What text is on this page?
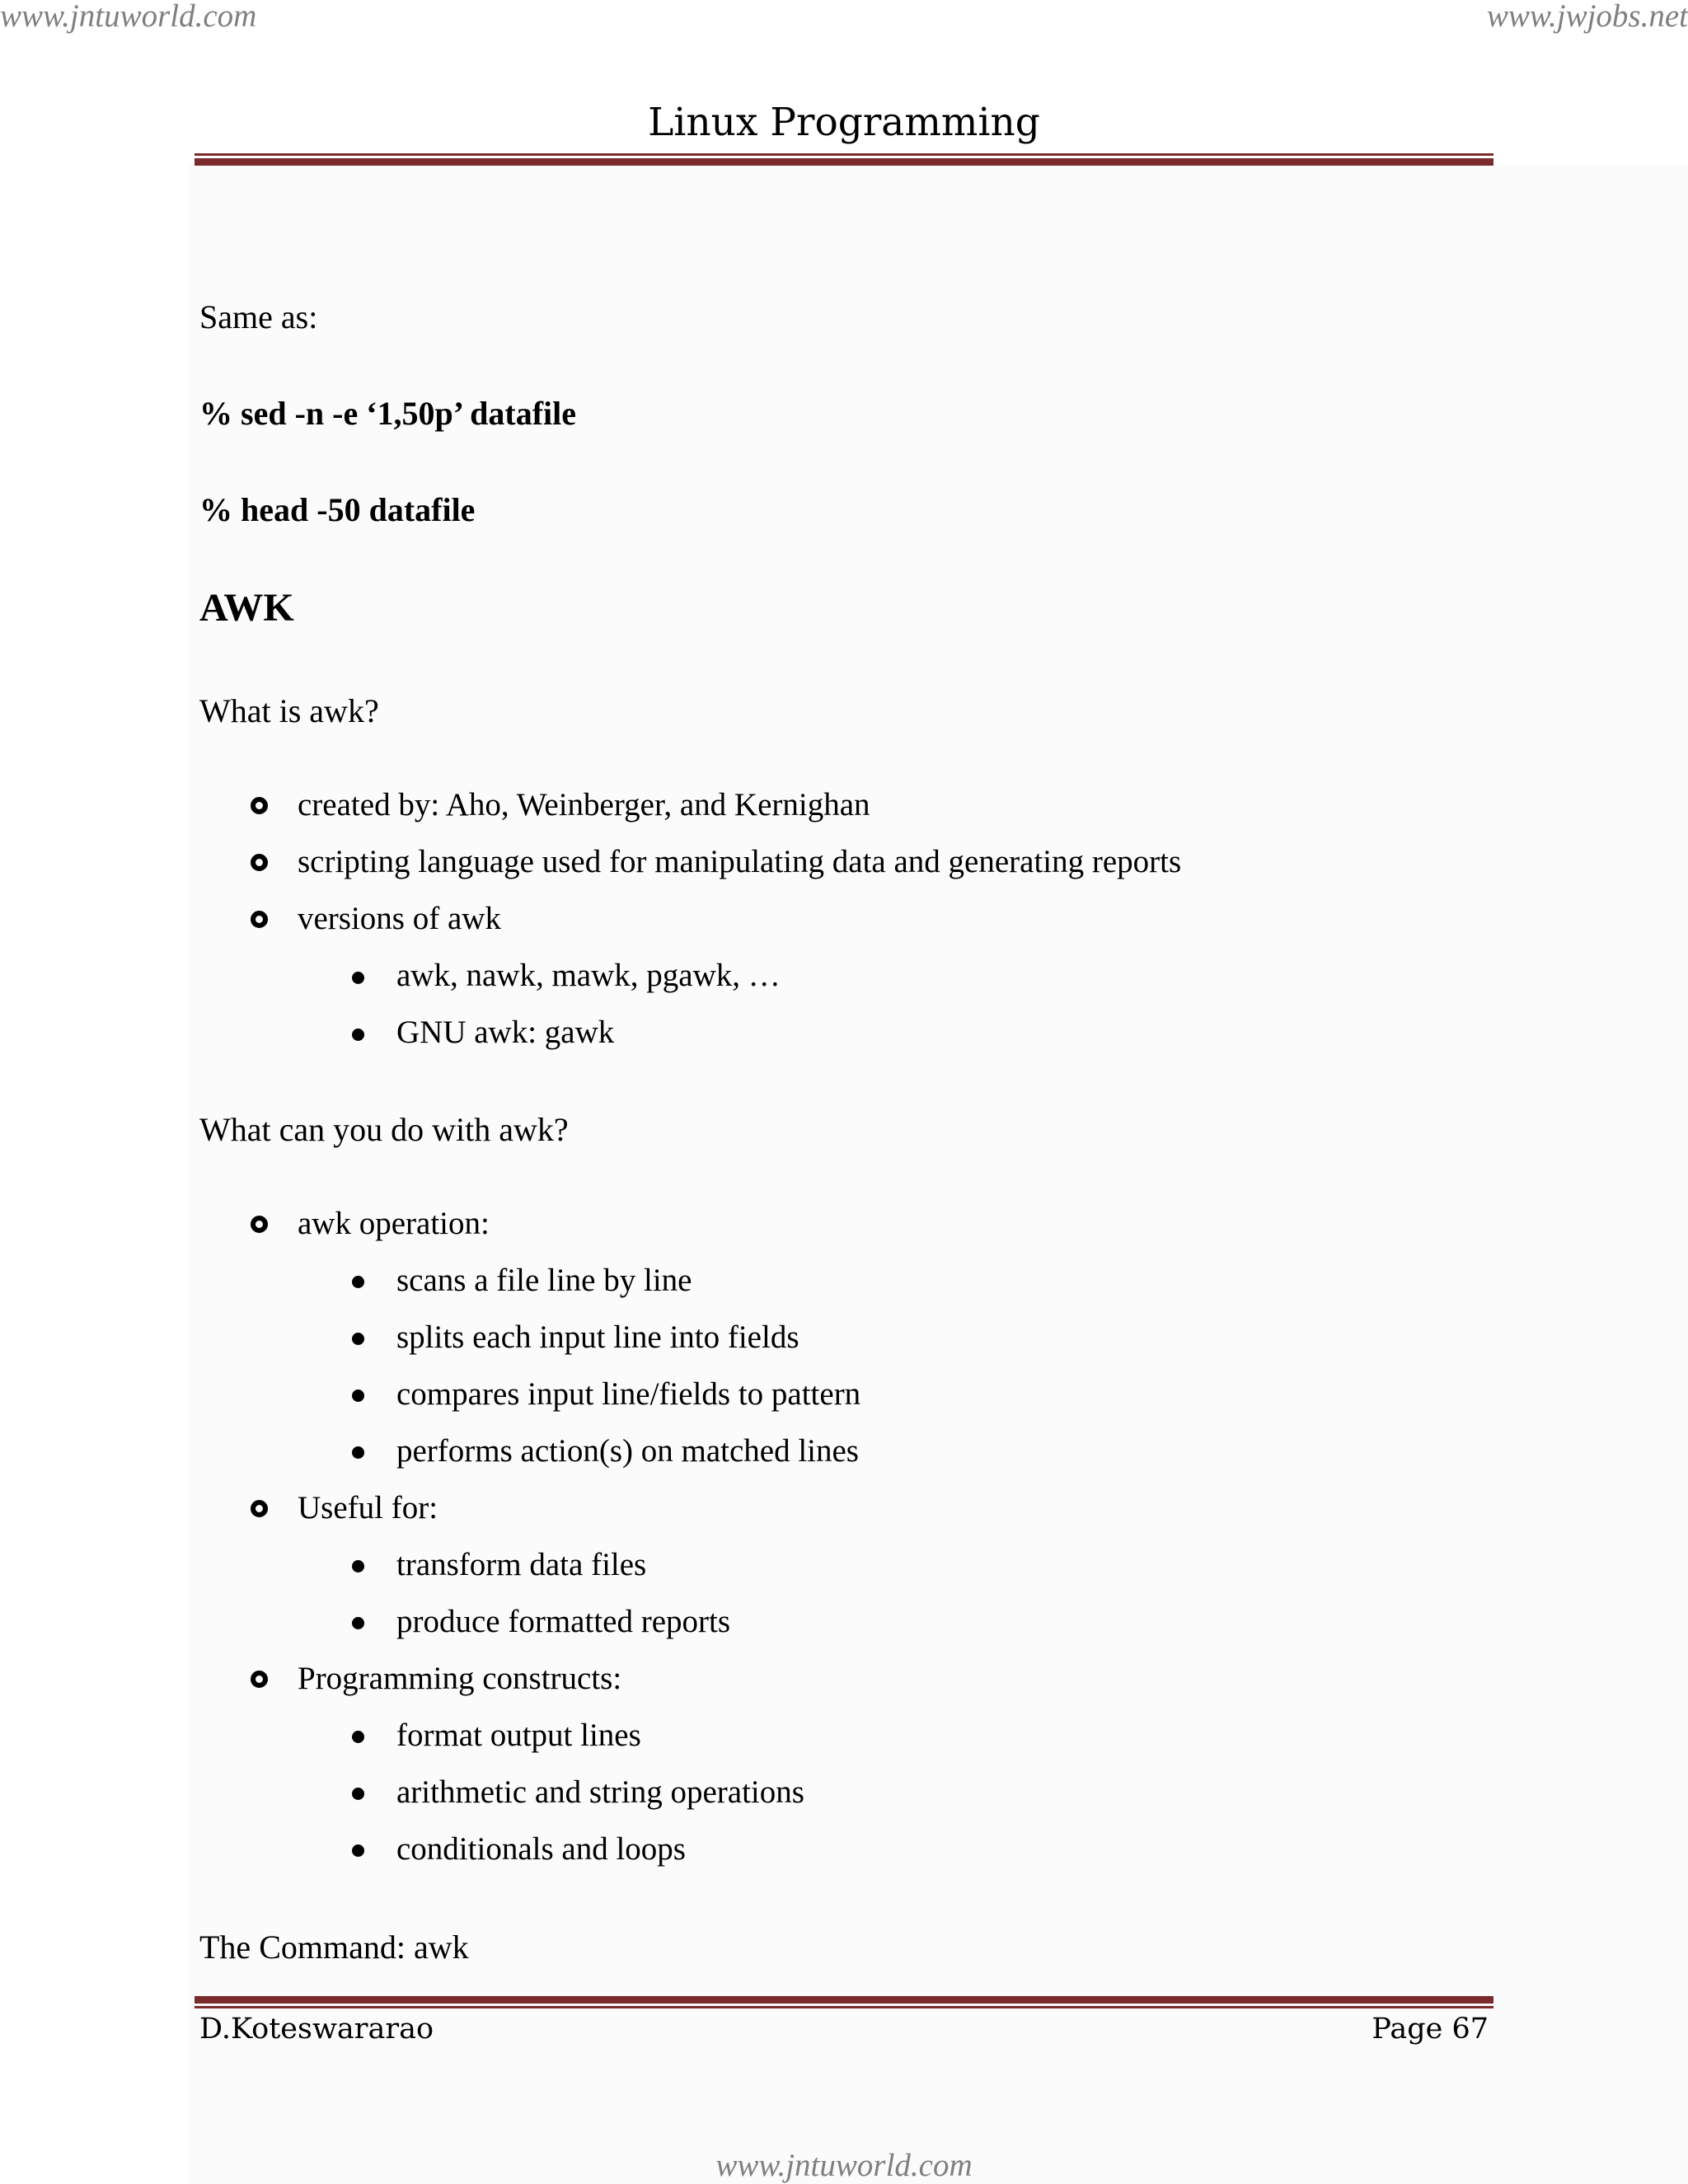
www.jntuworld.com	www.jwjobs.net
Linux Programming
Same as:
% sed -n -e ‘1,50p’ datafile
% head -50 datafile
AWK
What is awk?
created by: Aho, Weinberger, and Kernighan
scripting language used for manipulating data and generating reports
versions of awk
awk, nawk, mawk, pgawk, …
GNU awk: gawk
What can you do with awk?
awk operation:
scans a file line by line
splits each input line into fields
compares input line/fields to pattern
performs action(s) on matched lines
Useful for:
transform data files
produce formatted reports
Programming constructs:
format output lines
arithmetic and string operations
conditionals and loops
The Command: awk
D.Koteswararao	Page 67
www.jntuworld.com
